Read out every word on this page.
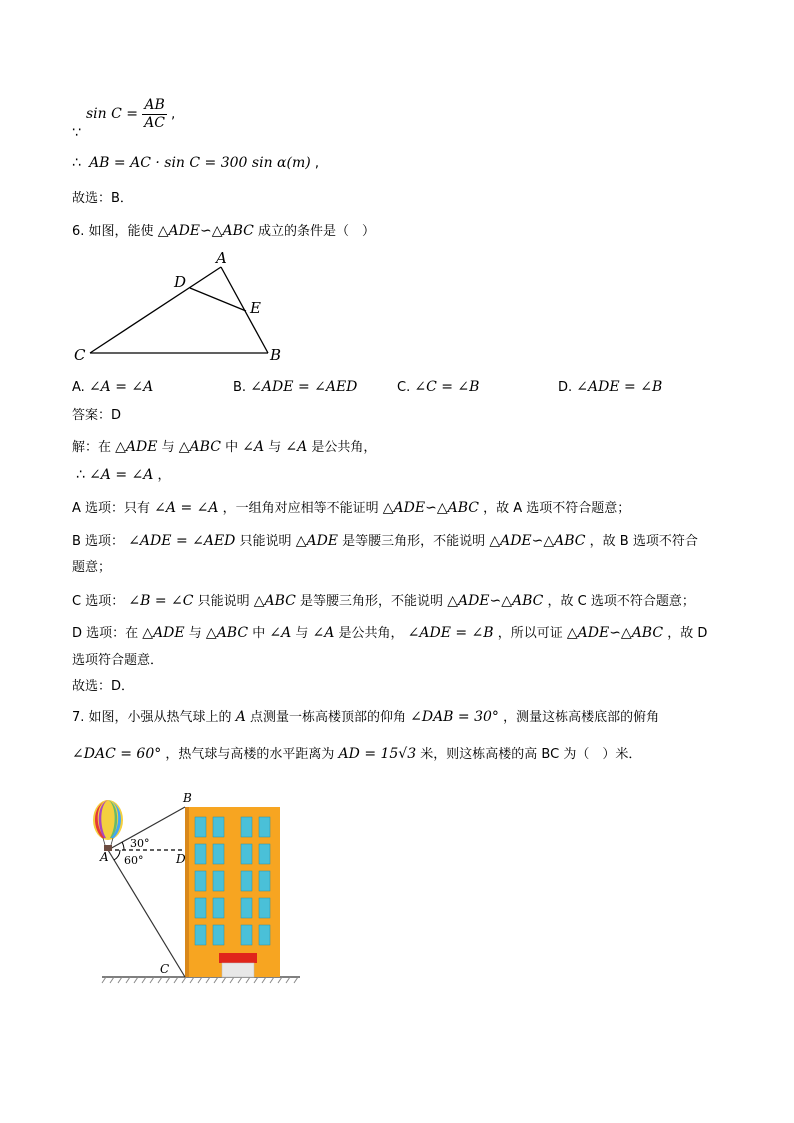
$\sin C = \frac{AB}{AC}$ ,
∵
∴ AB = AC · sin C = 300 sin α(m) ,
故选：B．
6. 如图，能使 △ADE∽△ABC 成立的条件是（　）
A
D
E
C	B
A. ∠A = ∠A	B. ∠ADE = ∠AED	C. ∠C = ∠B	D. ∠ADE = ∠B
答案：D
解：在 △ADE 与 △ABC 中 ∠A 与 ∠A 是公共角，
∴ ∠A = ∠A ，
A 选项：只有 ∠A = ∠A ，一组角对应相等不能证明 △ADE∽△ABC ，故 A 选项不符合题意；
B 选项： ∠ADE = ∠AED 只能说明 △ADE 是等腰三角形，不能说明 △ADE∽△ABC ，故 B 选项不符合
题意；
C 选项： ∠B = ∠C 只能说明 △ABC 是等腰三角形，不能说明 △ADE∽△ABC ，故 C 选项不符合题意；
D 选项：在 △ADE 与 △ABC 中 ∠A 与 ∠A 是公共角， ∠ADE = ∠B ，所以可证 △ADE∽△ABC ，故 D
选项符合题意．
故选：D．
7. 如图，小强从热气球上的 A 点测量一栋高楼顶部的仰角 ∠DAB = 30° ，测量这栋高楼底部的俯角
∠DAC = 60° ，热气球与高楼的水平距离为 AD = 15√3 米，则这栋高楼的高 BC 为（　）米．
B
D
A
C
30°
60°
